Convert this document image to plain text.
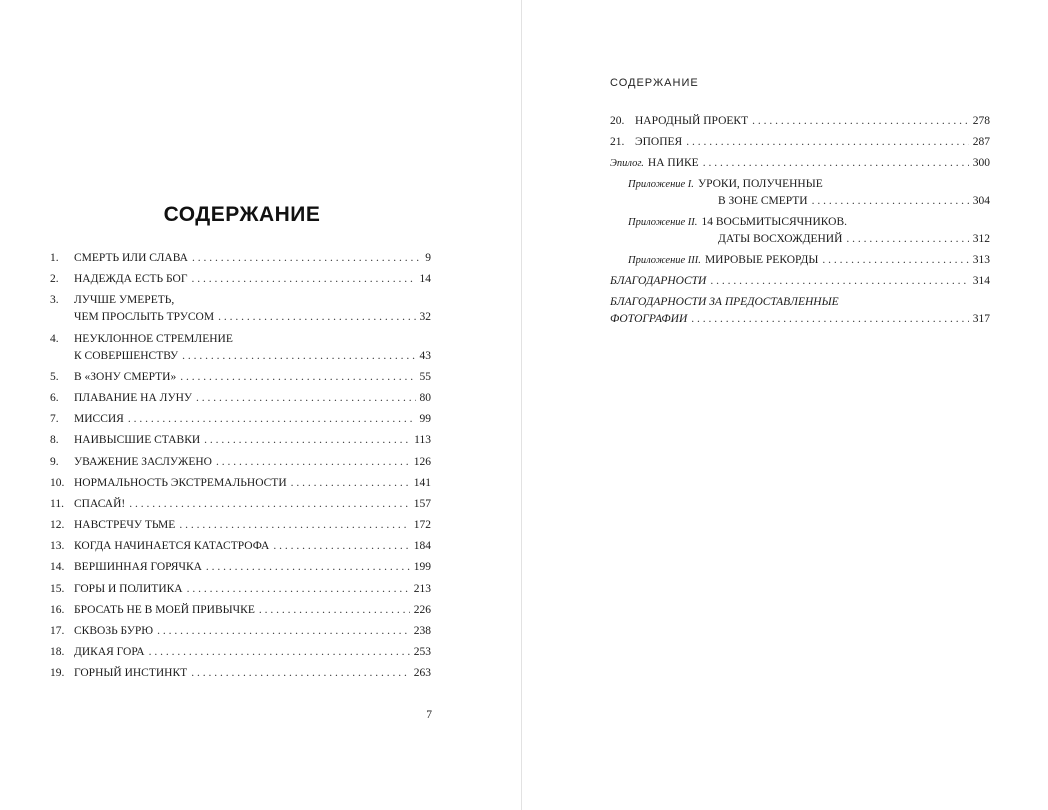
СОДЕРЖАНИЕ
1.	СМЕРТЬ ИЛИ СЛАВА . . .	9
2.	НАДЕЖДА ЕСТЬ БОГ . . .	14
3.	ЛУЧШЕ УМЕРЕТЬ,
ЧЕМ ПРОСЛЫТЬ ТРУСОМ . . .	32
4.	НЕУКЛОННОЕ СТРЕМЛЕНИЕ
К СОВЕРШЕНСТВУ . . .	43
5.	В «ЗОНУ СМЕРТИ» . . .	55
6.	ПЛАВАНИЕ НА ЛУНУ . . .	80
7.	МИССИЯ . . .	99
8.	НАИВЫСШИЕ СТАВКИ . . .	113
9.	УВАЖЕНИЕ ЗАСЛУЖЕНО . . .	126
10. НОРМАЛЬНОСТЬ ЭКСТРЕМАЛЬНОСТИ . . .	141
11. СПАСАЙ! . . .	157
12. НАВСТРЕЧУ ТЬМЕ . . .	172
13. КОГДА НАЧИНАЕТСЯ КАТАСТРОФА . . .	184
14. ВЕРШИННАЯ ГОРЯЧКА . . .	199
15. ГОРЫ И ПОЛИТИКА . . .	213
16. БРОСАТЬ НЕ В МОЕЙ ПРИВЫЧКЕ . . .	226
17. СКВОЗЬ БУРЮ . . .	238
18. ДИКАЯ ГОРА . . .	253
19. ГОРНЫЙ ИНСТИНКТ . . .	263
7
СОДЕРЖАНИЕ
20. НАРОДНЫЙ ПРОЕКТ . . .	278
21. ЭПОПЕЯ . . .	287
Эпилог. НА ПИКЕ . . .	300
Приложение I. УРОКИ, ПОЛУЧЕННЫЕ
В ЗОНЕ СМЕРТИ . . .	304
Приложение II. 14 ВОСЬМИТЫСЯЧНИКОВ.
ДАТЫ ВОСХОЖДЕНИЙ . . .	312
Приложение III. МИРОВЫЕ РЕКОРДЫ . . .	313
БЛАГОДАРНОСТИ . . .	314
БЛАГОДАРНОСТИ ЗА ПРЕДОСТАВЛЕННЫЕ
ФОТОГРАФИИ . . .	317
